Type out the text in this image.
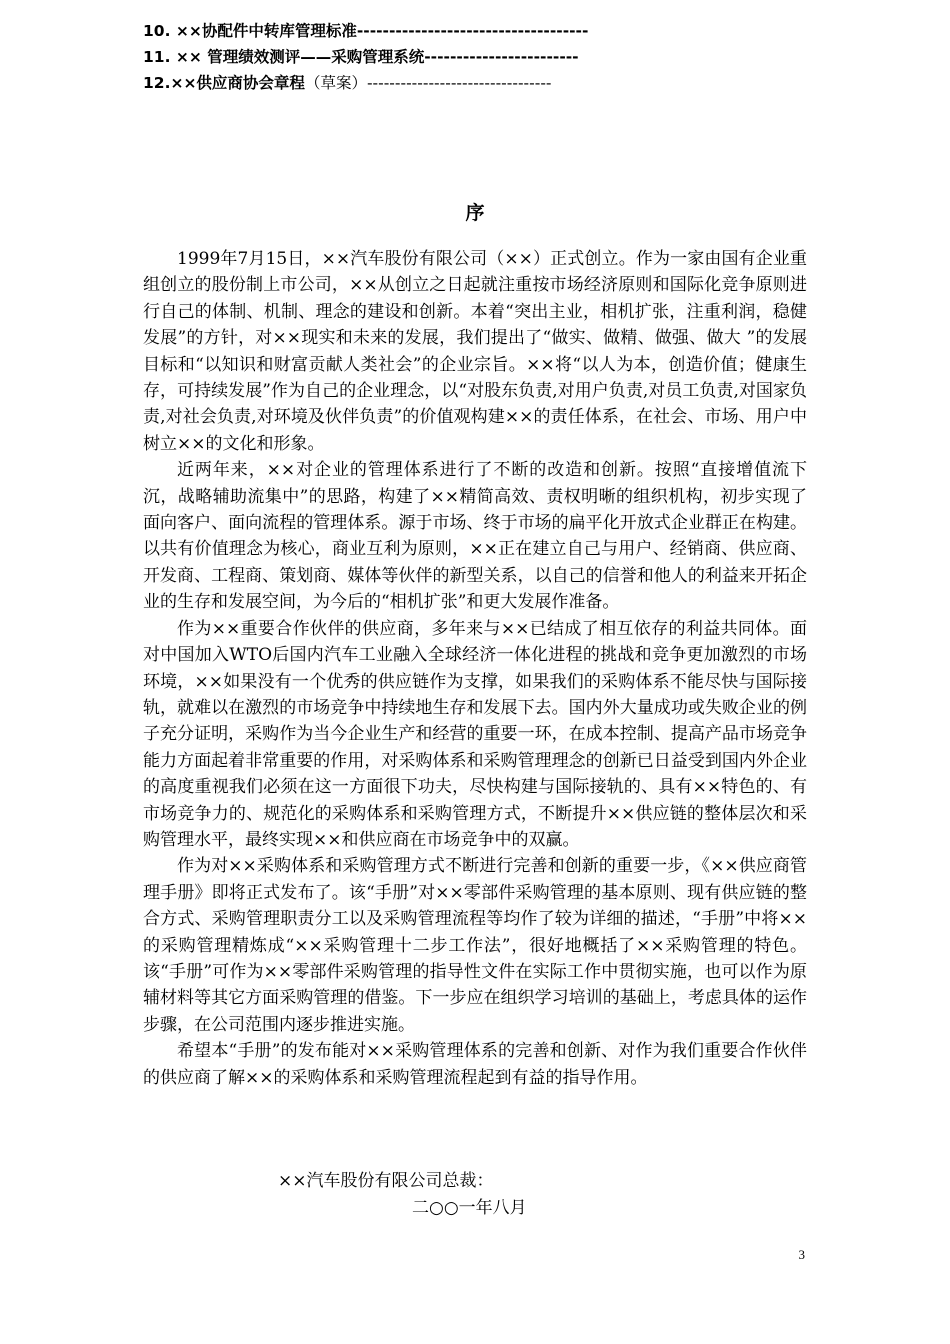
10. ××协配件中转库管理标准------------------------------------
11. ×× 管理绩效测评——采购管理系统------------------------
12.××供应商协会章程（草案）---------------------------------
序

1999年7月15日，××汽车股份有限公司（××）正式创立。作为一家由国有企业重组创立的股份制上市公司，××从创立之日起就注重按市场经济原则和国际化竞争原则进行自己的体制、机制、理念的建设和创新。本着“突出主业，相机扩张，注重利润，稳健发展”的方针，对××现实和未来的发展，我们提出了“做实、做精、做强、做大 ”的发展目标和“以知识和财富贡献人类社会”的企业宗旨。××将“以人为本，创造价值；健康生存，可持续发展”作为自己的企业理念，以“对股东负责,对用户负责,对员工负责,对国家负责,对社会负责,对环境及伙伴负责”的价值观构建××的责任体系，在社会、市场、用户中树立××的文化和形象。

近两年来，××对企业的管理体系进行了不断的改造和创新。按照“直接增值流下沉，战略辅助流集中”的思路，构建了××精简高效、责权明晰的组织机构，初步实现了面向客户、面向流程的管理体系。源于市场、终于市场的扁平化开放式企业群正在构建。以共有价值理念为核心，商业互利为原则，××正在建立自己与用户、经销商、供应商、开发商、工程商、策划商、媒体等伙伴的新型关系，以自己的信誉和他人的利益来开拓企业的生存和发展空间，为今后的“相机扩张”和更大发展作准备。

作为××重要合作伙伴的供应商，多年来与××已结成了相互依存的利益共同体。面对中国加入WTO后国内汽车工业融入全球经济一体化进程的挑战和竞争更加激烈的市场环境，××如果没有一个优秀的供应链作为支撑，如果我们的采购体系不能尽快与国际接轨，就难以在激烈的市场竞争中持续地生存和发展下去。国内外大量成功或失败企业的例子充分证明，采购作为当今企业生产和经营的重要一环，在成本控制、提高产品市场竞争能力方面起着非常重要的作用，对采购体系和采购管理理念的创新已日益受到国内外企业的高度重视我们必须在这一方面很下功夫，尽快构建与国际接轨的、具有××特色的、有市场竞争力的、规范化的采购体系和采购管理方式，不断提升××供应链的整体层次和采购管理水平，最终实现××和供应商在市场竞争中的双赢。

作为对××采购体系和采购管理方式不断进行完善和创新的重要一步，《××供应商管理手册》即将正式发布了。该“手册”对××零部件采购管理的基本原则、现有供应链的整合方式、采购管理职责分工以及采购管理流程等均作了较为详细的描述，“手册”中将××的采购管理精炼成“××采购管理十二步工作法”，很好地概括了××采购管理的特色。该“手册”可作为××零部件采购管理的指导性文件在实际工作中贯彻实施，也可以作为原辅材料等其它方面采购管理的借鉴。下一步应在组织学习培训的基础上，考虑具体的运作步骤，在公司范围内逐步推进实施。

希望本“手册”的发布能对××采购管理体系的完善和创新、对作为我们重要合作伙伴的供应商了解××的采购体系和采购管理流程起到有益的指导作用。

××汽车股份有限公司总裁：
二○○一年八月
3
